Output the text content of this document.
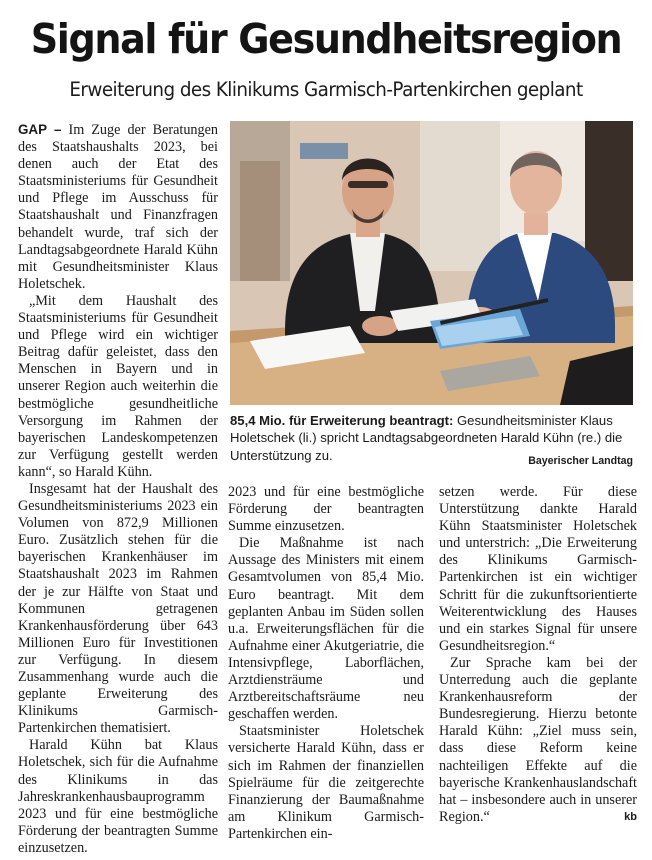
Signal für Gesundheitsregion
Erweiterung des Klinikums Garmisch-Partenkirchen geplant

GAP – Im Zuge der Beratungen des Staatshaushalts 2023, bei denen auch der Etat des Staatsministeriums für Gesundheit und Pflege im Ausschuss für Staatshaushalt und Finanzfragen behandelt wurde, traf sich der Landtagsabgeordnete Harald Kühn mit Gesundheitsminister Klaus Holetschek.

„Mit dem Haushalt des Staatsministeriums für Gesundheit und Pflege wird ein wichtiger Beitrag dafür geleistet, dass den Menschen in Bayern und in unserer Region auch weiterhin die bestmögliche gesundheitliche Versorgung im Rahmen der bayerischen Landeskompetenzen zur Verfügung gestellt werden kann“, so Harald Kühn.

Insgesamt hat der Haushalt des Gesundheitsministeriums 2023 ein Volumen von 872,9 Millionen Euro. Zusätzlich stehen für die bayerischen Krankenhäuser im Staatshaushalt 2023 im Rahmen der je zur Hälfte von Staat und Kommunen getragenen Krankenhausförderung über 643 Millionen Euro für Investitionen zur Verfügung. In diesem Zusammenhang wurde auch die geplante Erweiterung des Klinikums Garmisch-Partenkirchen thematisiert.

Harald Kühn bat Klaus Holetschek, sich für die Aufnahme des Klinikums in das Jahreskrankenhausbauprogramm 2023 und für eine bestmögliche Förderung der beantragten Summe einzusetzen.

85,4 Mio. für Erweiterung beantragt: Gesundheitsminister Klaus Holetschek (li.) spricht Landtagsabgeordneten Harald Kühn (re.) die Unterstützung zu.	Bayerischer Landtag

2023 und für eine bestmögliche Förderung der beantragten Summe einzusetzen.

Die Maßnahme ist nach Aussage des Ministers mit einem Gesamtvolumen von 85,4 Mio. Euro beantragt. Mit dem geplanten Anbau im Süden sollen u.a. Erweiterungsflächen für die Aufnahme einer Akutgeriatrie, die Intensivpflege, Laborflächen, Arztdiensträume und Arztbereitschaftsräume neu geschaffen werden.

Staatsminister Holetschek versicherte Harald Kühn, dass er sich im Rahmen der finanziellen Spielräume für die zeitgerechte Finanzierung der Baumaßnahme am Klinikum Garmisch-Partenkirchen ein-

setzen werde. Für diese Unterstützung dankte Harald Kühn Staatsminister Holetschek und unterstrich: „Die Erweiterung des Klinikums Garmisch-Partenkirchen ist ein wichtiger Schritt für die zukunftsorientierte Weiterentwicklung des Hauses und ein starkes Signal für unsere Gesundheitsregion.“

Zur Sprache kam bei der Unterredung auch die geplante Krankenhausreform der Bundesregierung. Hierzu betonte Harald Kühn: „Ziel muss sein, dass diese Reform keine nachteiligen Effekte auf die bayerische Krankenhauslandschaft hat – insbesondere auch in unserer Region.“	kb
